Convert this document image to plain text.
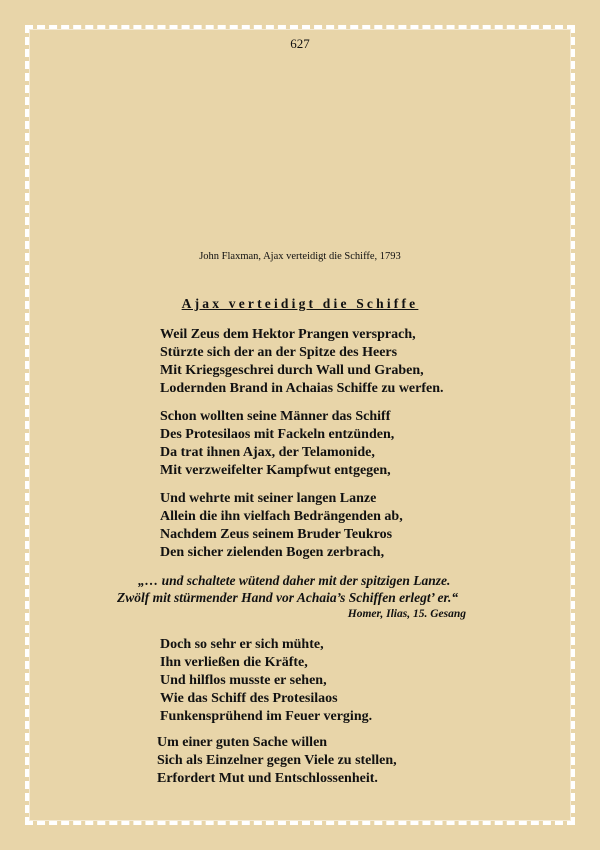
627
John Flaxman, Ajax verteidigt die Schiffe, 1793
Ajax verteidigt die Schiffe
Weil Zeus dem Hektor Prangen versprach,
Stürzte sich der an der Spitze des Heers
Mit Kriegsgeschrei durch Wall und Graben,
Lodernden Brand in Achaias Schiffe zu werfen.
Schon wollten seine Männer das Schiff
Des Protesilaos mit Fackeln entzünden,
Da trat ihnen Ajax, der Telamonide,
Mit verzweifelter Kampfwut entgegen,
Und wehrte mit seiner langen Lanze
Allein die ihn vielfach Bedrängenden ab,
Nachdem Zeus seinem Bruder Teukros
Den sicher zielenden Bogen zerbrach,
„… und schaltete wütend daher mit der spitzigen Lanze.
Zwölf mit stürmender Hand vor Achaia’s Schiffen erlegt’ er.“
Homer, Ilias, 15. Gesang
Doch so sehr er sich mühte,
Ihn verließen die Kräfte,
Und hilflos musste er sehen,
Wie das Schiff des Protesilaos
Funkensprühend im Feuer verging.
Um einer guten Sache willen
Sich als Einzelner gegen Viele zu stellen,
Erfordert Mut und Entschlossenheit.
